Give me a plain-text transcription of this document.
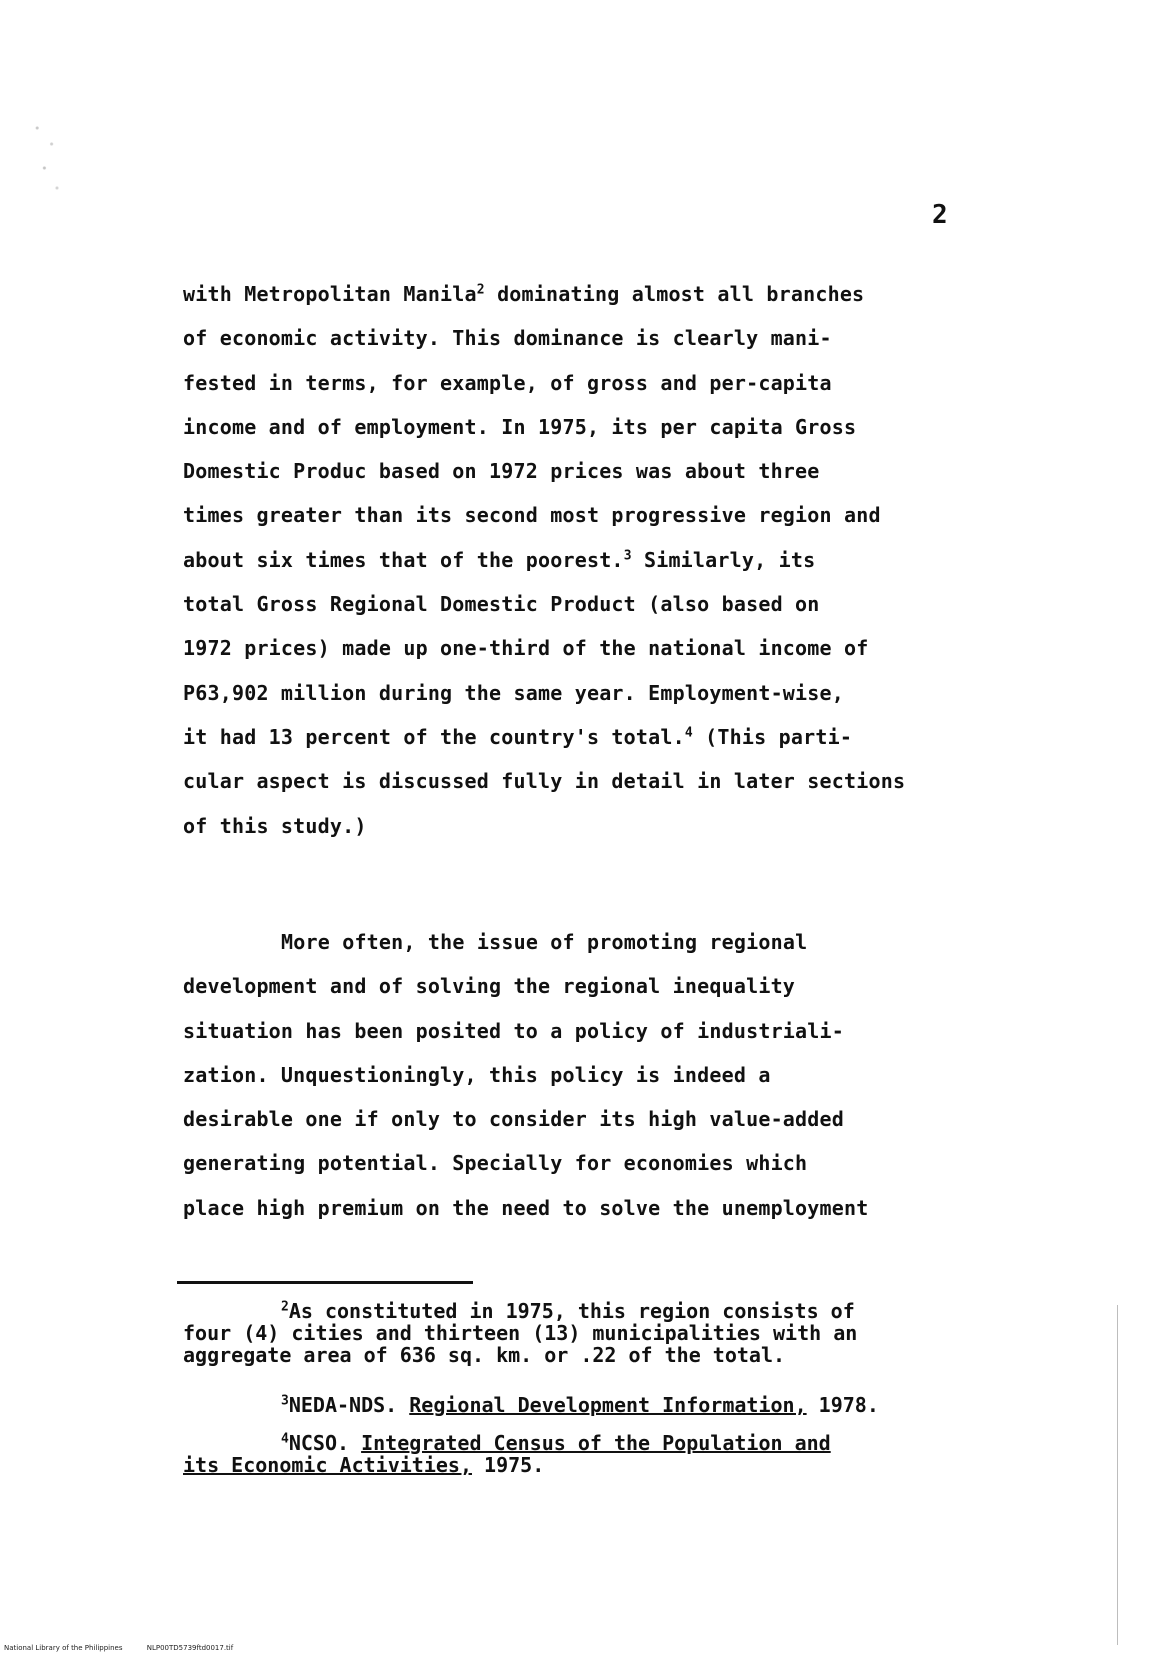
2
with Metropolitan Manila$^2$ dominating almost all branches
of economic activity. This dominance is clearly mani-
fested in terms, for example, of gross and per-capita
income and of employment. In 1975, its per capita Gross
Domestic Produc based on 1972 prices was about three
times greater than its second most progressive region and
about six times that of the poorest.$^3$ Similarly, its
total Gross Regional Domestic Product (also based on
1972 prices) made up one-third of the national income of
P63,902 million during the same year. Employment-wise,
it had 13 percent of the country's total.$^4$ (This parti-
cular aspect is discussed fully in detail in later sections
of this study.)
More often, the issue of promoting regional
development and of solving the regional inequality
situation has been posited to a policy of industriali-
zation. Unquestioningly, this policy is indeed a
desirable one if only to consider its high value-added
generating potential. Specially for economies which
place high premium on the need to solve the unemployment
$^2$As constituted in 1975, this region consists of
four (4) cities and thirteen (13) municipalities with an
aggregate area of 636 sq. km. or .22 of the total.
$^3$NEDA-NDS. Regional Development Information, 1978.
$^4$NCSO. Integrated Census of the Population and
its Economic Activities, 1975.
National Library of the Philippines	NLP00TD5739ftd0017.tif
